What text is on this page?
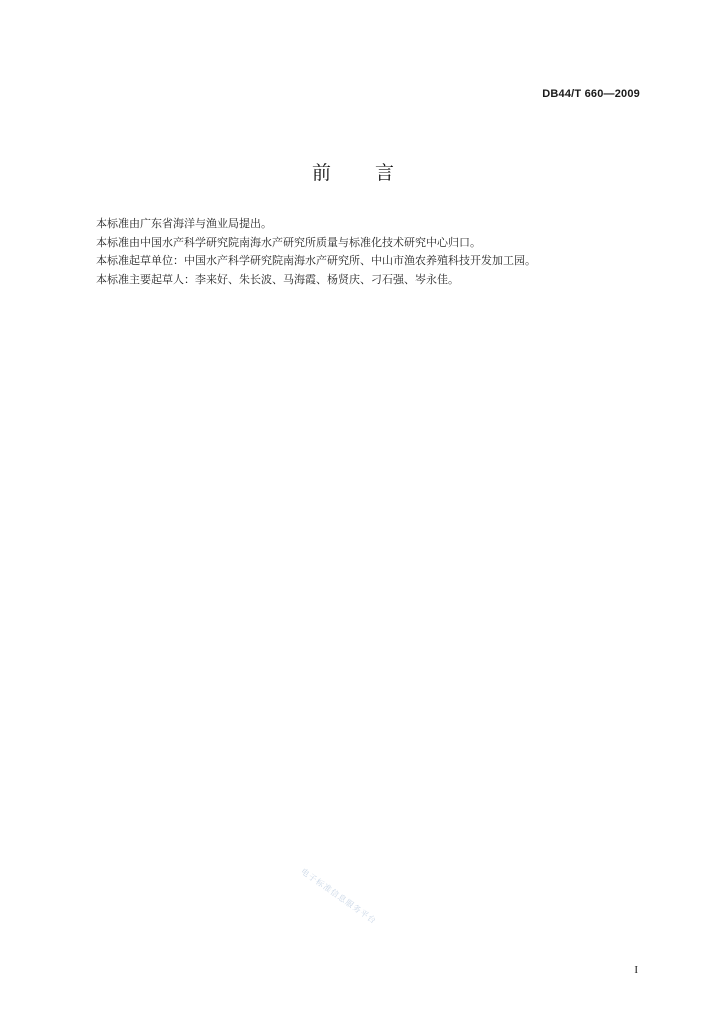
DB44/T 660—2009
前言

本标准由广东省海洋与渔业局提出。

本标准由中国水产科学研究院南海水产研究所质量与标准化技术研究中心归口。

本标准起草单位：中国水产科学研究院南海水产研究所、中山市渔农养殖科技开发加工园。

本标准主要起草人：李来好、朱长波、马海霞、杨贤庆、刁石强、岑永佳。

电子标准信息服务平台
I
